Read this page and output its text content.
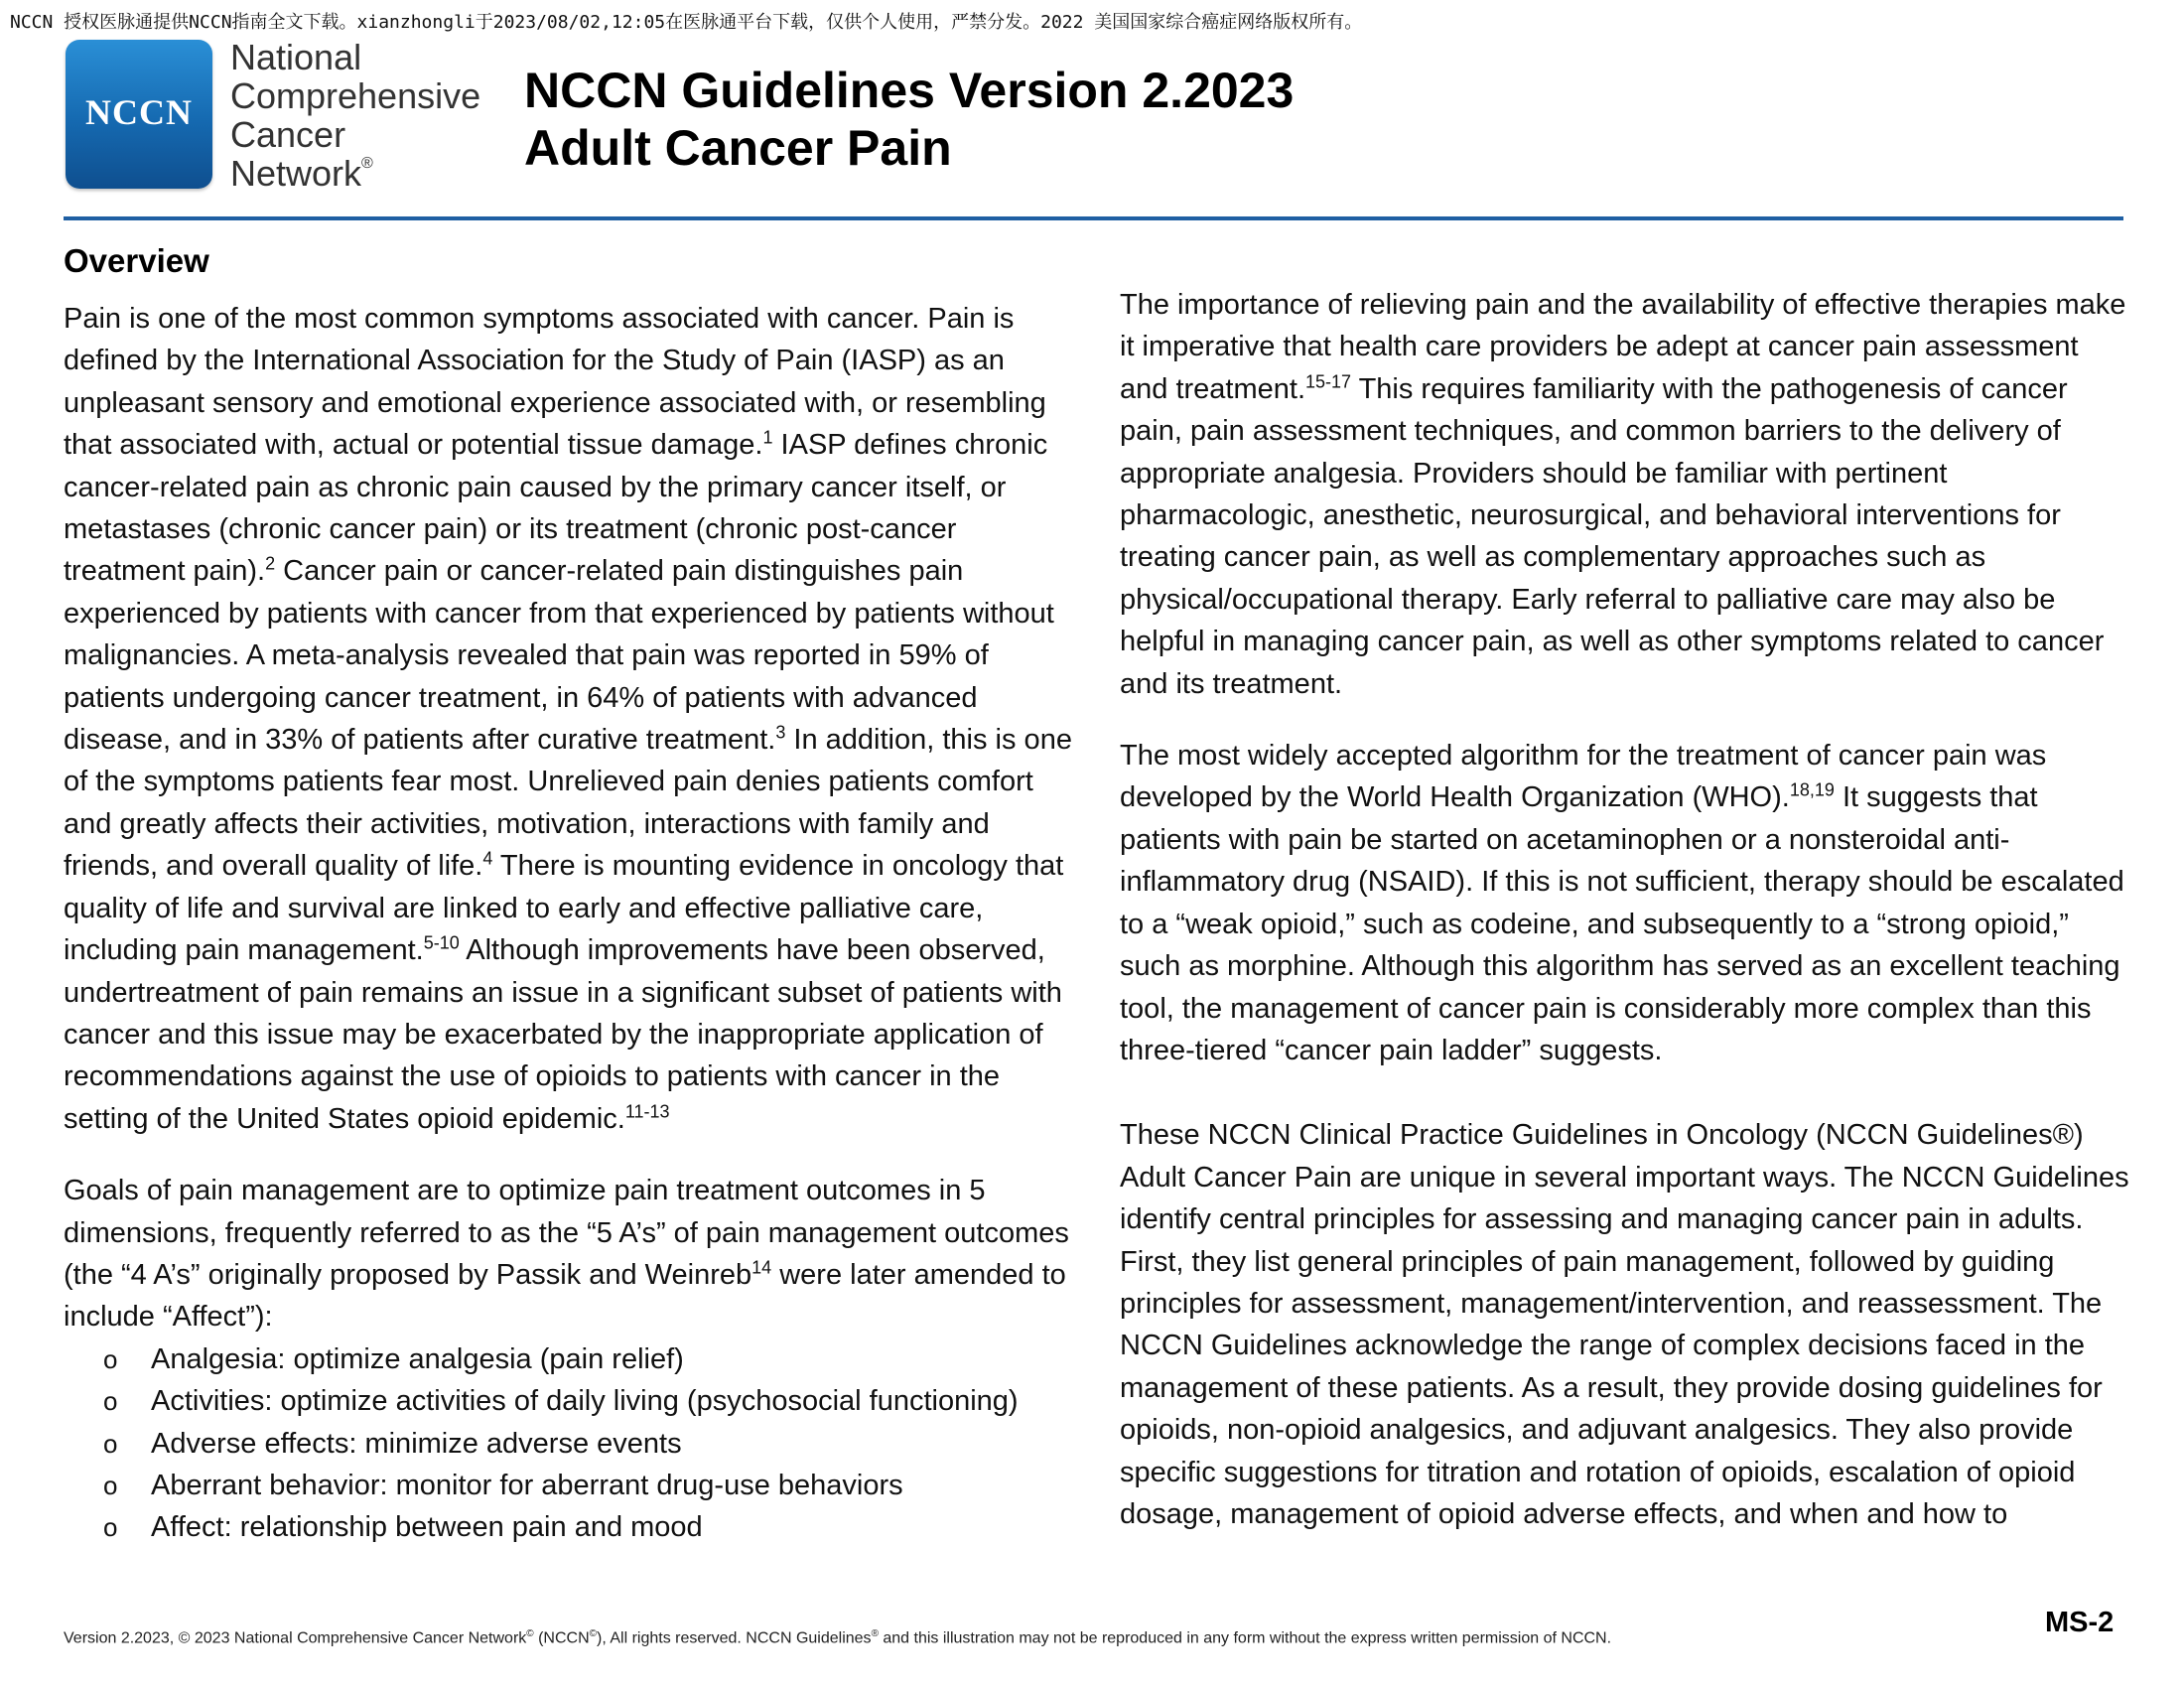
NCCN 授权医脉通提供NCCN指南全文下载。xianzhongli于2023/08/02,12:05在医脉通平台下载，仅供个人使用，严禁分发。2022 美国国家综合癌症网络版权所有。
NCCN
National
Comprehensive
Cancer
Network®
NCCN Guidelines Version 2.2023
Adult Cancer Pain
Overview

Pain is one of the most common symptoms associated with cancer. Pain is defined by the International Association for the Study of Pain (IASP) as an unpleasant sensory and emotional experience associated with, or resembling that associated with, actual or potential tissue damage.$^1$ IASP defines chronic cancer-related pain as chronic pain caused by the primary cancer itself, or metastases (chronic cancer pain) or its treatment (chronic post-cancer treatment pain).$^2$ Cancer pain or cancer-related pain distinguishes pain experienced by patients with cancer from that experienced by patients without malignancies. A meta-analysis revealed that pain was reported in 59% of patients undergoing cancer treatment, in 64% of patients with advanced disease, and in 33% of patients after curative treatment.$^3$ In addition, this is one of the symptoms patients fear most. Unrelieved pain denies patients comfort and greatly affects their activities, motivation, interactions with family and friends, and overall quality of life.$^4$ There is mounting evidence in oncology that quality of life and survival are linked to early and effective palliative care, including pain management.$^{5-10}$ Although improvements have been observed, undertreatment of pain remains an issue in a significant subset of patients with cancer and this issue may be exacerbated by the inappropriate application of recommendations against the use of opioids to patients with cancer in the setting of the United States opioid epidemic.$^{11-13}$

Goals of pain management are to optimize pain treatment outcomes in 5 dimensions, frequently referred to as the “5 A’s” of pain management outcomes (the “4 A’s” originally proposed by Passik and Weinreb$^{14}$ were later amended to include “Affect”):

o Analgesia: optimize analgesia (pain relief)
o Activities: optimize activities of daily living (psychosocial functioning)
o Adverse effects: minimize adverse events
o Aberrant behavior: monitor for aberrant drug-use behaviors
o Affect: relationship between pain and mood

The importance of relieving pain and the availability of effective therapies make it imperative that health care providers be adept at cancer pain assessment and treatment.$^{15-17}$ This requires familiarity with the pathogenesis of cancer pain, pain assessment techniques, and common barriers to the delivery of appropriate analgesia. Providers should be familiar with pertinent pharmacologic, anesthetic, neurosurgical, and behavioral interventions for treating cancer pain, as well as complementary approaches such as physical/occupational therapy. Early referral to palliative care may also be helpful in managing cancer pain, as well as other symptoms related to cancer and its treatment.

The most widely accepted algorithm for the treatment of cancer pain was developed by the World Health Organization (WHO).$^{18,19}$ It suggests that patients with pain be started on acetaminophen or a nonsteroidal anti-inflammatory drug (NSAID). If this is not sufficient, therapy should be escalated to a “weak opioid,” such as codeine, and subsequently to a “strong opioid,” such as morphine. Although this algorithm has served as an excellent teaching tool, the management of cancer pain is considerably more complex than this three-tiered “cancer pain ladder” suggests.

These NCCN Clinical Practice Guidelines in Oncology (NCCN Guidelines®) Adult Cancer Pain are unique in several important ways. The NCCN Guidelines identify central principles for assessing and managing cancer pain in adults. First, they list general principles of pain management, followed by guiding principles for assessment, management/intervention, and reassessment. The NCCN Guidelines acknowledge the range of complex decisions faced in the management of these patients. As a result, they provide dosing guidelines for opioids, non-opioid analgesics, and adjuvant analgesics. They also provide specific suggestions for titration and rotation of opioids, escalation of opioid dosage, management of opioid adverse effects, and when and how to

Version 2.2023, © 2023 National Comprehensive Cancer Network© (NCCN©), All rights reserved. NCCN Guidelines® and this illustration may not be reproduced in any form without the express written permission of NCCN.	MS-2
